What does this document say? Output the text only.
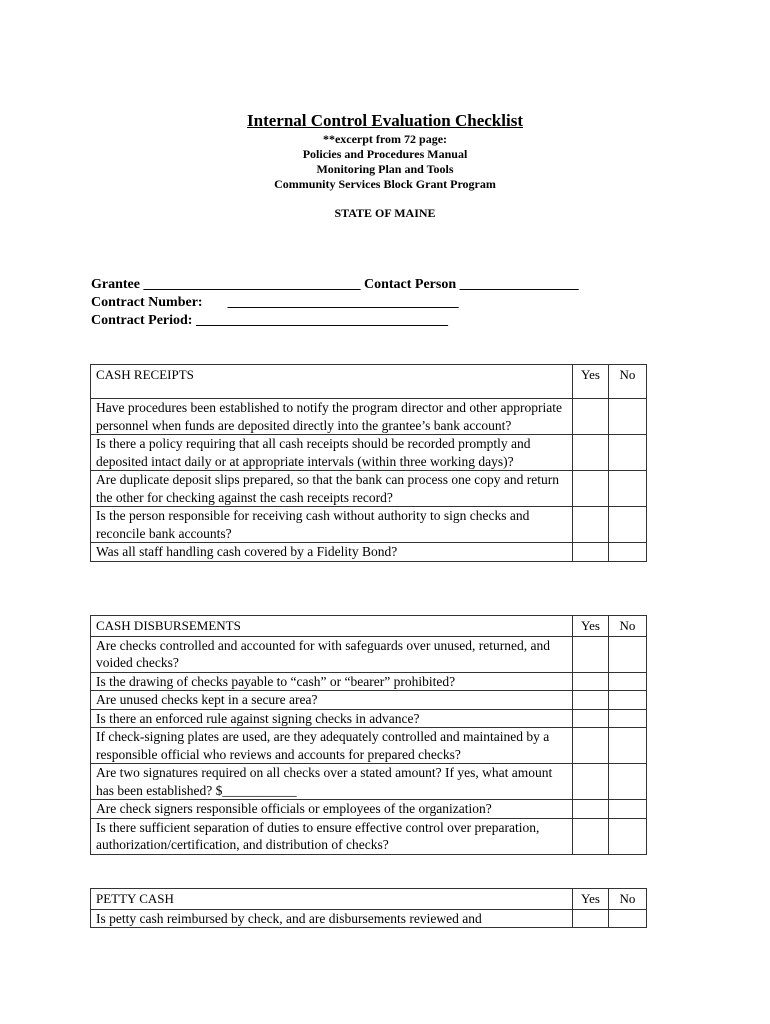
Internal Control Evaluation Checklist

**excerpt from 72 page:

Policies and Procedures Manual

Monitoring Plan and Tools

Community Services Block Grant Program

STATE OF MAINE

Grantee _______________________________ Contact Person _________________
Contract Number: _________________________________
Contract Period: ____________________________________
CASH RECEIPTS	Yes	No
Have procedures been established to notify the program director and other appropriate personnel when funds are deposited directly into the grantee’s bank account?		
Is there a policy requiring that all cash receipts should be recorded promptly and deposited intact daily or at appropriate intervals (within three working days)?		
Are duplicate deposit slips prepared, so that the bank can process one copy and return the other for checking against the cash receipts record?		
Is the person responsible for receiving cash without authority to sign checks and reconcile bank accounts?		
Was all staff handling cash covered by a Fidelity Bond?		
CASH DISBURSEMENTS	Yes	No
Are checks controlled and accounted for with safeguards over unused, returned, and voided checks?		
Is the drawing of checks payable to “cash” or “bearer” prohibited?		
Are unused checks kept in a secure area?		
Is there an enforced rule against signing checks in advance?		
If check-signing plates are used, are they adequately controlled and maintained by a responsible official who reviews and accounts for prepared checks?		
Are two signatures required on all checks over a stated amount? If yes, what amount has been established? $___________		
Are check signers responsible officials or employees of the organization?		
Is there sufficient separation of duties to ensure effective control over preparation, authorization/certification, and distribution of checks?		
PETTY CASH	Yes	No
Is petty cash reimbursed by check, and are disbursements reviewed and		
